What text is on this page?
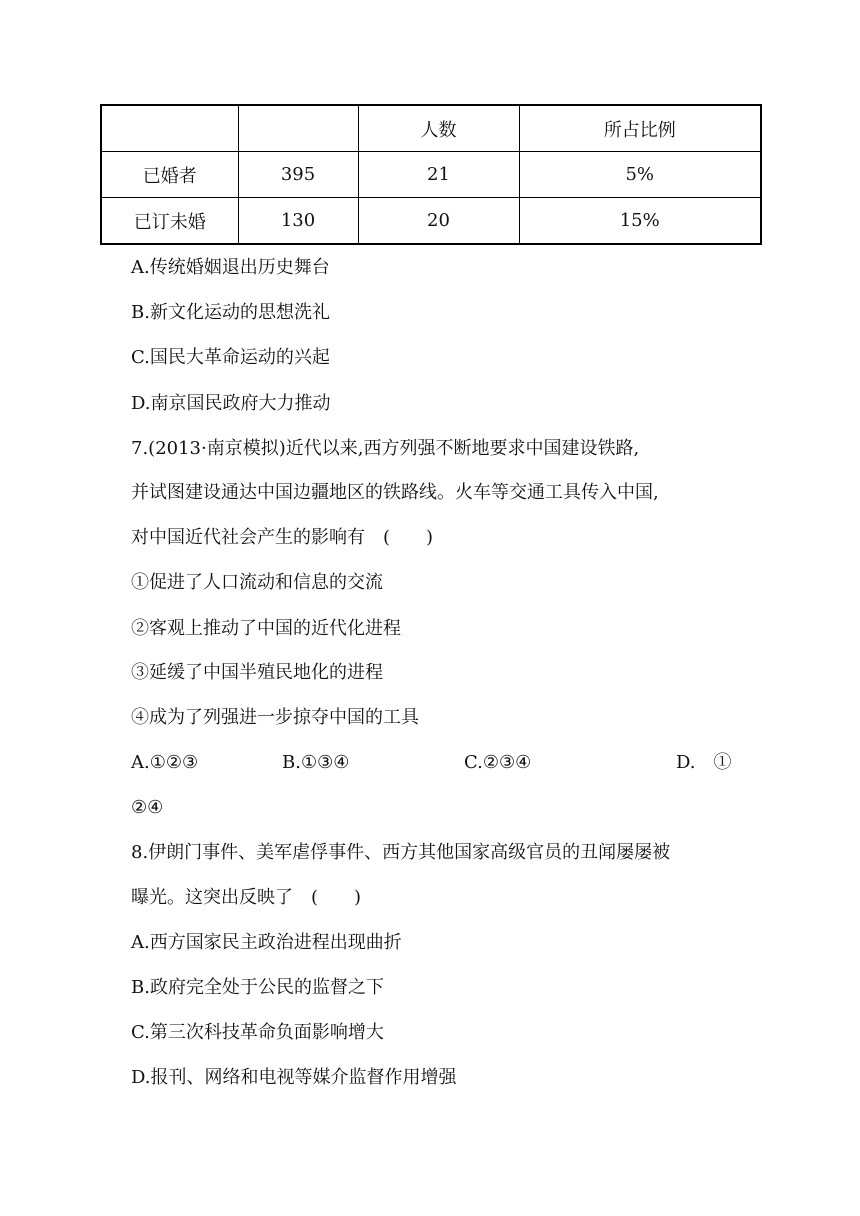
		人数	所占比例
已婚者	395	21	5%
已订未婚	130	20	15%
A.传统婚姻退出历史舞台
B.新文化运动的思想洗礼
C.国民大革命运动的兴起
D.南京国民政府大力推动
7.(2013·南京模拟)近代以来,西方列强不断地要求中国建设铁路,
并试图建设通达中国边疆地区的铁路线。火车等交通工具传入中国,
对中国近代社会产生的影响有　(　　)
①促进了人口流动和信息的交流
②客观上推动了中国的近代化进程
③延缓了中国半殖民地化的进程
④成为了列强进一步掠夺中国的工具
A.①②③	B.①③④	C.②③④	D.　①
②④
8.伊朗门事件、美军虐俘事件、西方其他国家高级官员的丑闻屡屡被
曝光。这突出反映了　(　　)
A.西方国家民主政治进程出现曲折
B.政府完全处于公民的监督之下
C.第三次科技革命负面影响增大
D.报刊、网络和电视等媒介监督作用增强
